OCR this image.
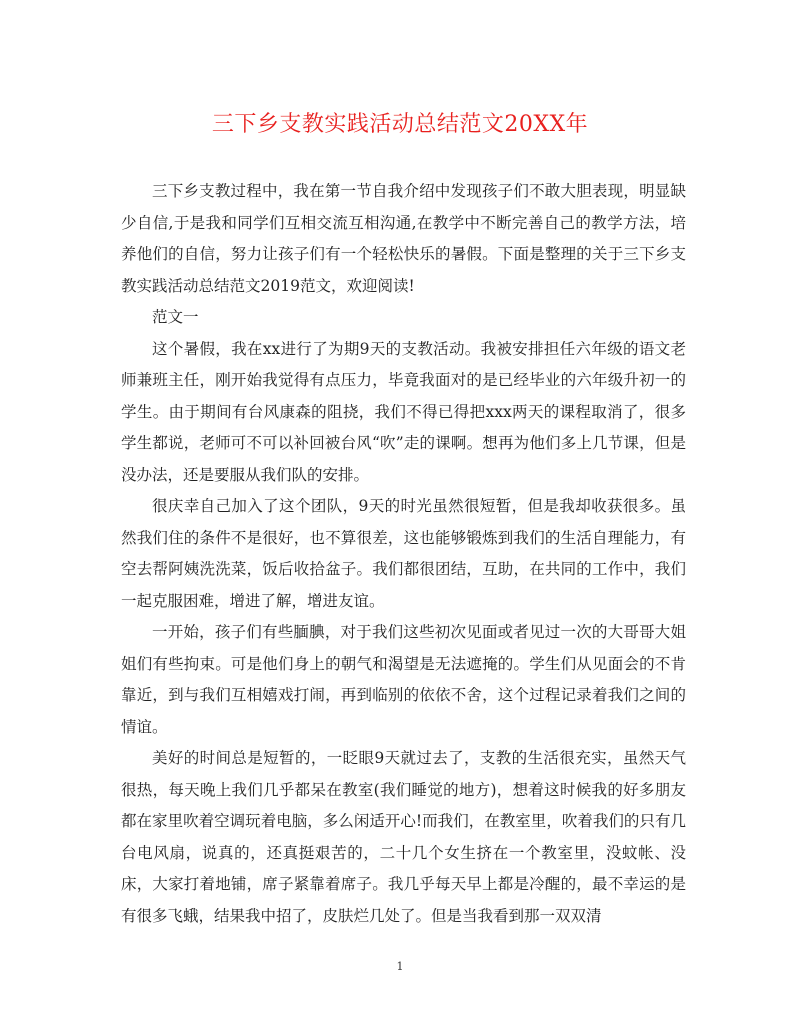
三下乡支教实践活动总结范文20XX年

三下乡支教过程中，我在第一节自我介绍中发现孩子们不敢大胆表现，明显缺少自信,于是我和同学们互相交流互相沟通,在教学中不断完善自己的教学方法，培养他们的自信，努力让孩子们有一个轻松快乐的暑假。下面是整理的关于三下乡支教实践活动总结范文2019范文，欢迎阅读!

范文一

这个暑假，我在xx进行了为期9天的支教活动。我被安排担任六年级的语文老师兼班主任，刚开始我觉得有点压力，毕竟我面对的是已经毕业的六年级升初一的学生。由于期间有台风康森的阻挠，我们不得已得把xxx两天的课程取消了，很多学生都说，老师可不可以补回被台风“吹”走的课啊。想再为他们多上几节课，但是没办法，还是要服从我们队的安排。

很庆幸自己加入了这个团队，9天的时光虽然很短暂，但是我却收获很多。虽然我们住的条件不是很好，也不算很差，这也能够锻炼到我们的生活自理能力，有空去帮阿姨洗洗菜，饭后收拾盆子。我们都很团结，互助，在共同的工作中，我们一起克服困难，增进了解，增进友谊。

一开始，孩子们有些腼腆，对于我们这些初次见面或者见过一次的大哥哥大姐姐们有些拘束。可是他们身上的朝气和渴望是无法遮掩的。学生们从见面会的不肯靠近，到与我们互相嬉戏打闹，再到临别的依依不舍，这个过程记录着我们之间的情谊。

美好的时间总是短暂的，一眨眼9天就过去了，支教的生活很充实，虽然天气很热，每天晚上我们几乎都呆在教室(我们睡觉的地方)，想着这时候我的好多朋友都在家里吹着空调玩着电脑，多么闲适开心!而我们，在教室里，吹着我们的只有几台电风扇，说真的，还真挺艰苦的，二十几个女生挤在一个教室里，没蚊帐、没床，大家打着地铺，席子紧靠着席子。我几乎每天早上都是冷醒的，最不幸运的是有很多飞蛾，结果我中招了，皮肤烂几处了。但是当我看到那一双双清

1
